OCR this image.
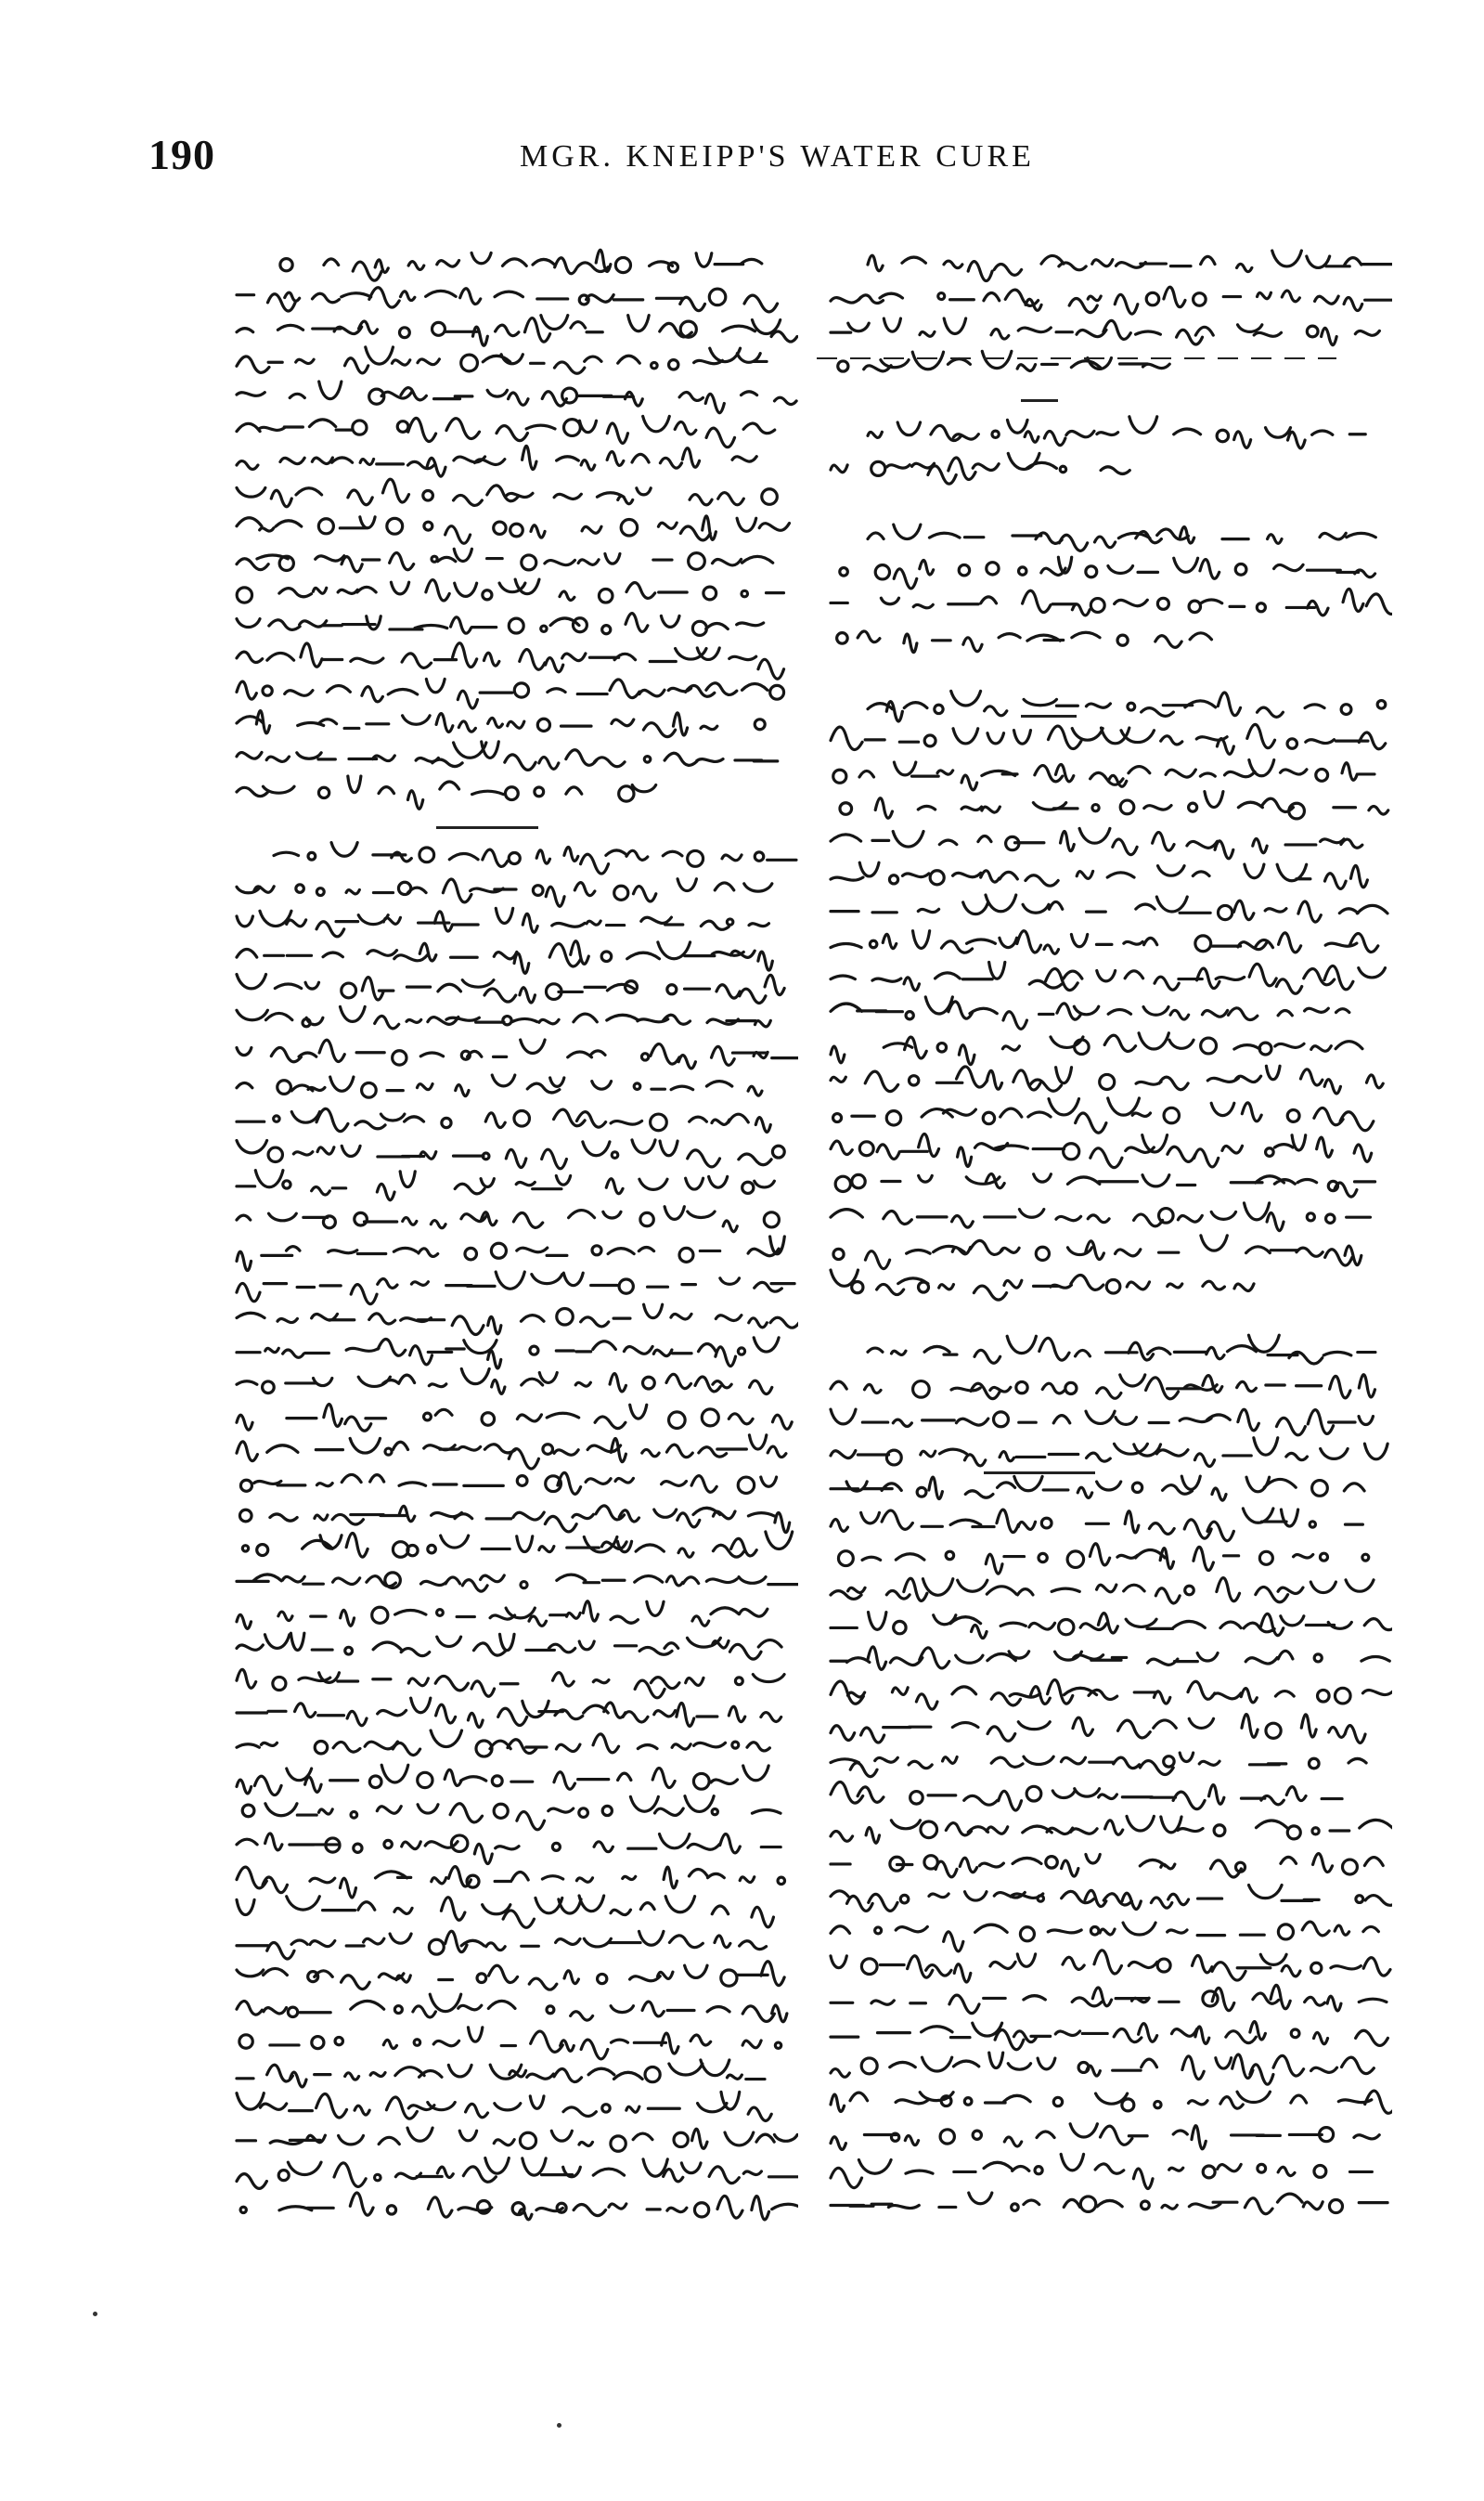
190	MGR. KNEIPP'S WATER CURE
